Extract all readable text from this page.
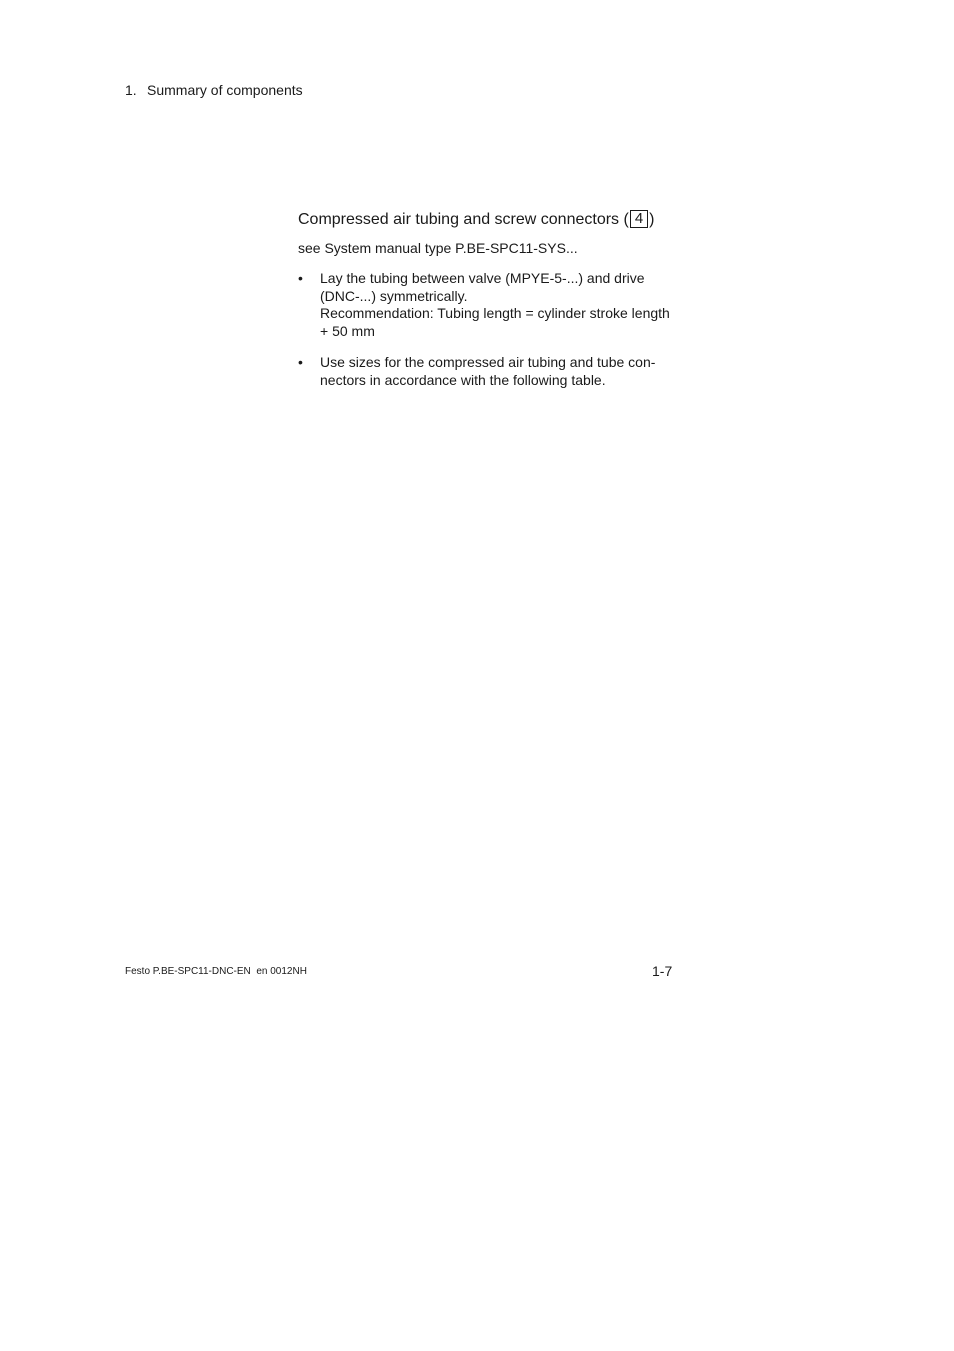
1. Summary of components
Compressed air tubing and screw connectors ( 4 )
see System manual type P.BE-SPC11-SYS...
• Lay the tubing between valve (MPYE-5-...) and drive
(DNC-...) symmetrically.
Recommendation: Tubing length = cylinder stroke length
+ 50 mm
• Use sizes for the compressed air tubing and tube con-
nectors in accordance with the following table.
Festo P.BE-SPC11-DNC-EN  en 0012NH	1-7
